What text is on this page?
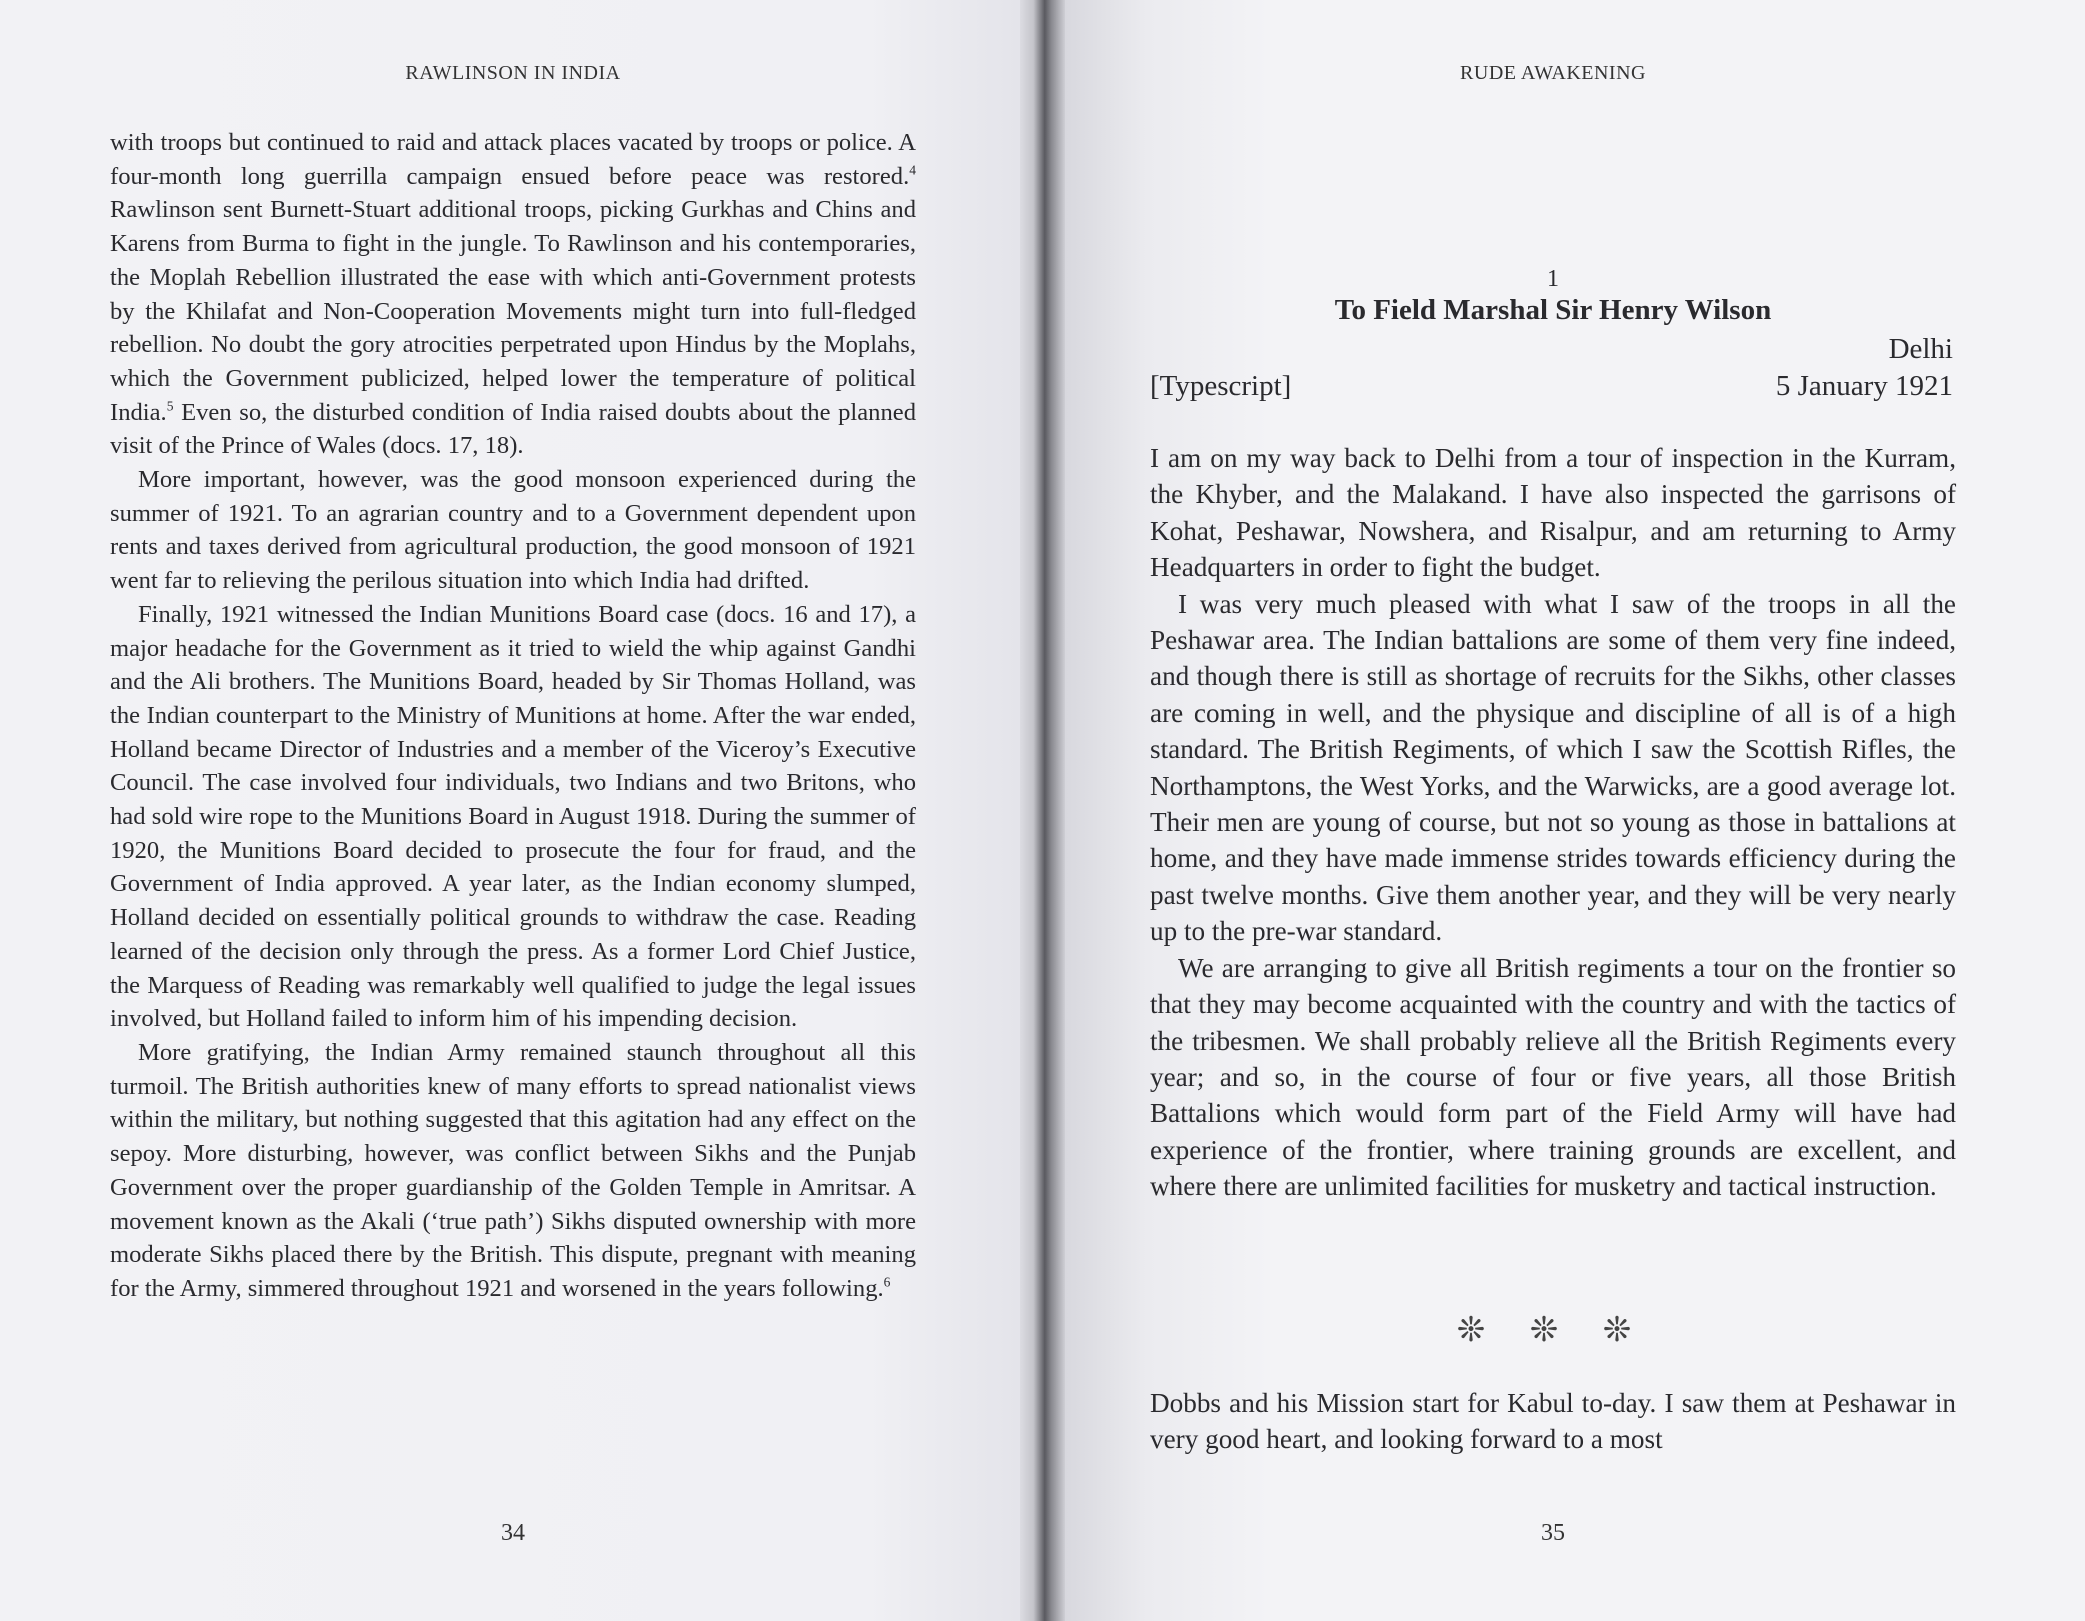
RAWLINSON IN INDIA

with troops but continued to raid and attack places vacated by troops or police. A four-month long guerrilla campaign ensued before peace was restored.$^4$ Rawlinson sent Burnett-Stuart additional troops, picking Gurkhas and Chins and Karens from Burma to fight in the jungle. To Rawlinson and his contemporaries, the Moplah Rebellion illustrated the ease with which anti-Government protests by the Khilafat and Non-Cooperation Movements might turn into full-fledged rebellion. No doubt the gory atrocities perpetrated upon Hindus by the Moplahs, which the Government publicized, helped lower the temperature of political India.$^5$ Even so, the disturbed condition of India raised doubts about the planned visit of the Prince of Wales (docs. 17, 18).

More important, however, was the good monsoon experienced during the summer of 1921. To an agrarian country and to a Government dependent upon rents and taxes derived from agricultural production, the good monsoon of 1921 went far to relieving the perilous situation into which India had drifted.

Finally, 1921 witnessed the Indian Munitions Board case (docs. 16 and 17), a major headache for the Government as it tried to wield the whip against Gandhi and the Ali brothers. The Munitions Board, headed by Sir Thomas Holland, was the Indian counterpart to the Ministry of Munitions at home. After the war ended, Holland became Director of Industries and a member of the Viceroy’s Executive Council. The case involved four individuals, two Indians and two Britons, who had sold wire rope to the Munitions Board in August 1918. During the summer of 1920, the Munitions Board decided to prosecute the four for fraud, and the Government of India approved. A year later, as the Indian economy slumped, Holland decided on essentially political grounds to withdraw the case. Reading learned of the decision only through the press. As a former Lord Chief Justice, the Marquess of Reading was remarkably well qualified to judge the legal issues involved, but Holland failed to inform him of his impending decision.

More gratifying, the Indian Army remained staunch throughout all this turmoil. The British authorities knew of many efforts to spread nationalist views within the military, but nothing suggested that this agitation had any effect on the sepoy. More disturbing, however, was conflict between Sikhs and the Punjab Government over the proper guardianship of the Golden Temple in Amritsar. A movement known as the Akali (‘true path’) Sikhs disputed ownership with more moderate Sikhs placed there by the British. This dispute, pregnant with meaning for the Army, simmered throughout 1921 and worsened in the years following.$^6$

34
RUDE AWAKENING
1
To Field Marshal Sir Henry Wilson
Delhi
[Typescript]	5 January 1921

I am on my way back to Delhi from a tour of inspection in the Kurram, the Khyber, and the Malakand. I have also inspected the garrisons of Kohat, Peshawar, Nowshera, and Risalpur, and am returning to Army Headquarters in order to fight the budget.

I was very much pleased with what I saw of the troops in all the Peshawar area. The Indian battalions are some of them very fine indeed, and though there is still as shortage of recruits for the Sikhs, other classes are coming in well, and the physique and discipline of all is of a high standard. The British Regiments, of which I saw the Scottish Rifles, the Northamptons, the West Yorks, and the Warwicks, are a good average lot. Their men are young of course, but not so young as those in battalions at home, and they have made immense strides towards efficiency during the past twelve months. Give them another year, and they will be very nearly up to the pre-war standard.

We are arranging to give all British regiments a tour on the frontier so that they may become acquainted with the country and with the tactics of the tribesmen. We shall probably relieve all the British Regiments every year; and so, in the course of four or five years, all those British Battalions which would form part of the Field Army will have had experience of the frontier, where training grounds are excellent, and where there are unlimited facilities for musketry and tactical instruction.

❊ ❊ ❊

Dobbs and his Mission start for Kabul to-day. I saw them at Peshawar in very good heart, and looking forward to a most

35
